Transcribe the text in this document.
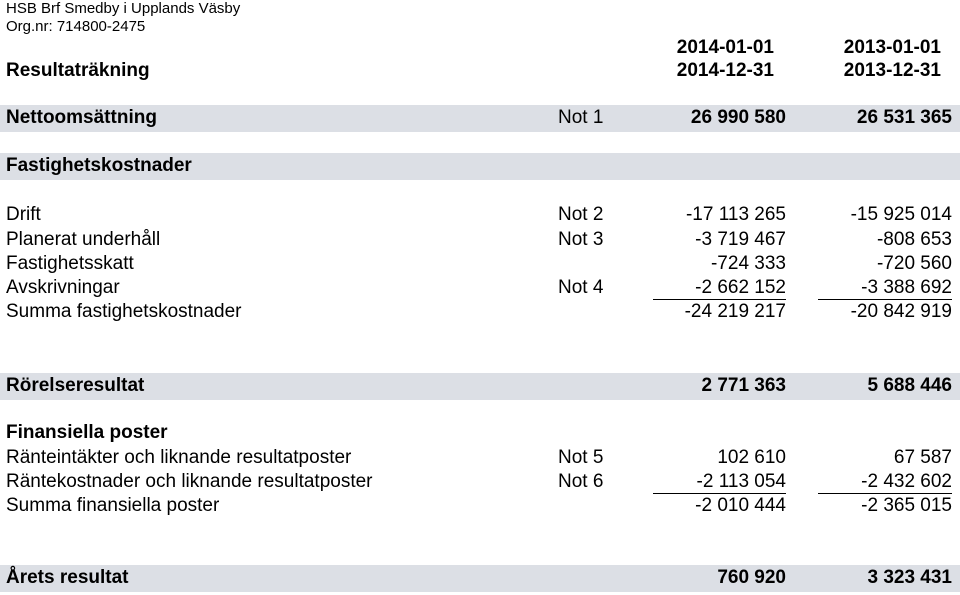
HSB Brf Smedby i Upplands Väsby
Org.nr: 714800-2475
2014-01-01	2013-01-01
Resultaträkning	2014-12-31	2013-12-31
Nettoomsättning	Not 1	26 990 580	26 531 365
Fastighetskostnader
Drift	Not 2	-17 113 265	-15 925 014
Planerat underhåll	Not 3	-3 719 467	-808 653
Fastighetsskatt	-724 333	-720 560
Avskrivningar	Not 4	-2 662 152	-3 388 692
Summa fastighetskostnader	-24 219 217	-20 842 919
Rörelseresultat	2 771 363	5 688 446
Finansiella poster
Ränteintäkter och liknande resultatposter	Not 5	102 610	67 587
Räntekostnader och liknande resultatposter	Not 6	-2 113 054	-2 432 602
Summa finansiella poster	-2 010 444	-2 365 015
Årets resultat	760 920	3 323 431
